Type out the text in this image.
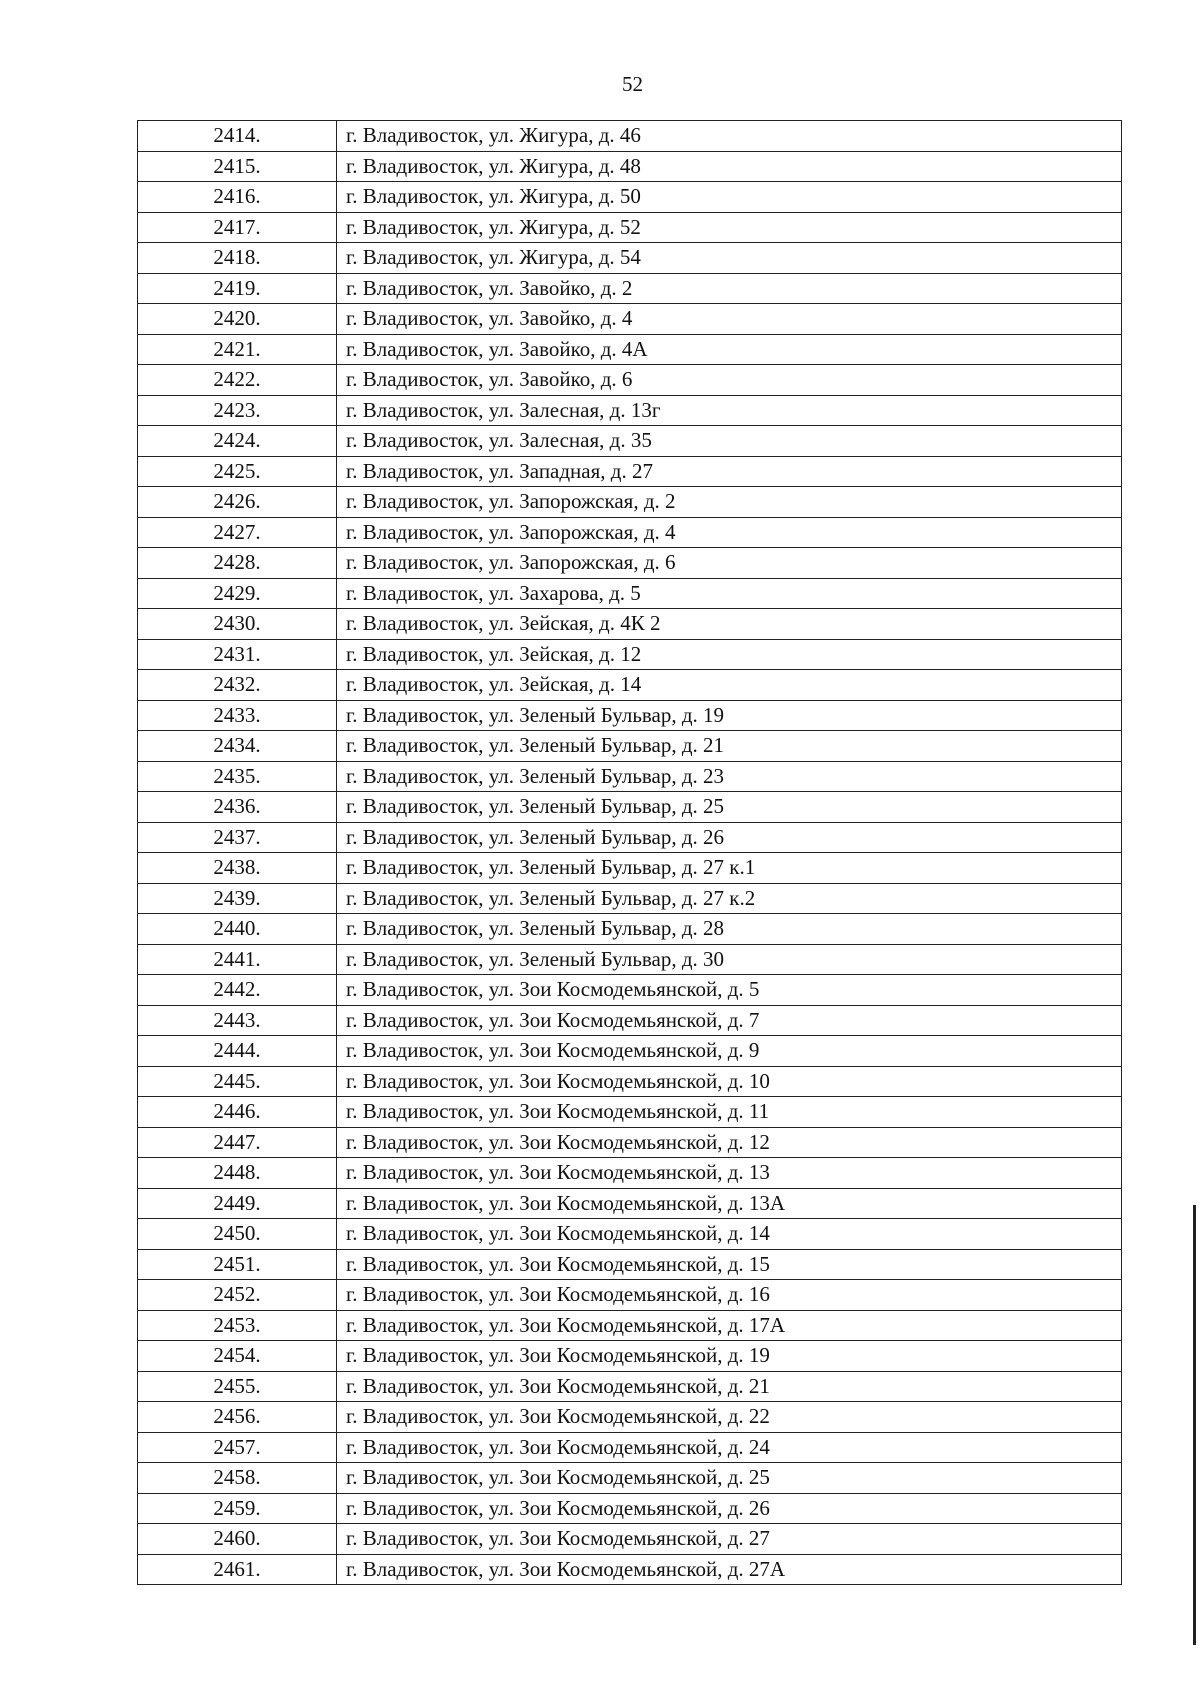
52
2414.	г. Владивосток, ул. Жигура, д. 46
2415.	г. Владивосток, ул. Жигура, д. 48
2416.	г. Владивосток, ул. Жигура, д. 50
2417.	г. Владивосток, ул. Жигура, д. 52
2418.	г. Владивосток, ул. Жигура, д. 54
2419.	г. Владивосток, ул. Завойко, д. 2
2420.	г. Владивосток, ул. Завойко, д. 4
2421.	г. Владивосток, ул. Завойко, д. 4А
2422.	г. Владивосток, ул. Завойко, д. 6
2423.	г. Владивосток, ул. Залесная, д. 13г
2424.	г. Владивосток, ул. Залесная, д. 35
2425.	г. Владивосток, ул. Западная, д. 27
2426.	г. Владивосток, ул. Запорожская, д. 2
2427.	г. Владивосток, ул. Запорожская, д. 4
2428.	г. Владивосток, ул. Запорожская, д. 6
2429.	г. Владивосток, ул. Захарова, д. 5
2430.	г. Владивосток, ул. Зейская, д. 4К 2
2431.	г. Владивосток, ул. Зейская, д. 12
2432.	г. Владивосток, ул. Зейская, д. 14
2433.	г. Владивосток, ул. Зеленый Бульвар, д. 19
2434.	г. Владивосток, ул. Зеленый Бульвар, д. 21
2435.	г. Владивосток, ул. Зеленый Бульвар, д. 23
2436.	г. Владивосток, ул. Зеленый Бульвар, д. 25
2437.	г. Владивосток, ул. Зеленый Бульвар, д. 26
2438.	г. Владивосток, ул. Зеленый Бульвар, д. 27 к.1
2439.	г. Владивосток, ул. Зеленый Бульвар, д. 27 к.2
2440.	г. Владивосток, ул. Зеленый Бульвар, д. 28
2441.	г. Владивосток, ул. Зеленый Бульвар, д. 30
2442.	г. Владивосток, ул. Зои Космодемьянской, д. 5
2443.	г. Владивосток, ул. Зои Космодемьянской, д. 7
2444.	г. Владивосток, ул. Зои Космодемьянской, д. 9
2445.	г. Владивосток, ул. Зои Космодемьянской, д. 10
2446.	г. Владивосток, ул. Зои Космодемьянской, д. 11
2447.	г. Владивосток, ул. Зои Космодемьянской, д. 12
2448.	г. Владивосток, ул. Зои Космодемьянской, д. 13
2449.	г. Владивосток, ул. Зои Космодемьянской, д. 13А
2450.	г. Владивосток, ул. Зои Космодемьянской, д. 14
2451.	г. Владивосток, ул. Зои Космодемьянской, д. 15
2452.	г. Владивосток, ул. Зои Космодемьянской, д. 16
2453.	г. Владивосток, ул. Зои Космодемьянской, д. 17А
2454.	г. Владивосток, ул. Зои Космодемьянской, д. 19
2455.	г. Владивосток, ул. Зои Космодемьянской, д. 21
2456.	г. Владивосток, ул. Зои Космодемьянской, д. 22
2457.	г. Владивосток, ул. Зои Космодемьянской, д. 24
2458.	г. Владивосток, ул. Зои Космодемьянской, д. 25
2459.	г. Владивосток, ул. Зои Космодемьянской, д. 26
2460.	г. Владивосток, ул. Зои Космодемьянской, д. 27
2461.	г. Владивосток, ул. Зои Космодемьянской, д. 27А
